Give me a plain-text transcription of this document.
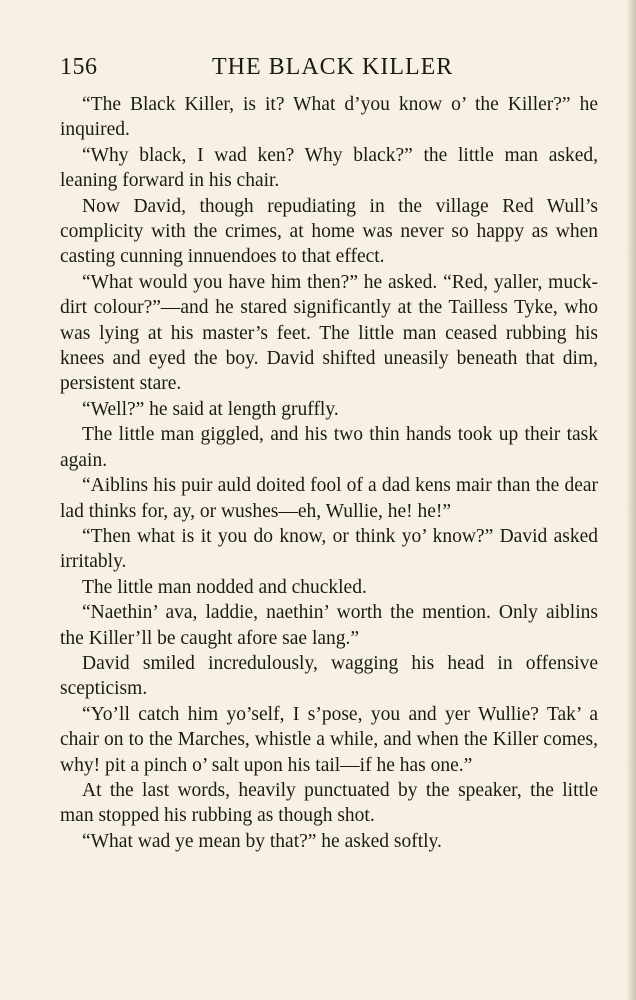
156	THE BLACK KILLER

“The Black Killer, is it? What d’you know o’ the Killer?” he inquired.

“Why black, I wad ken? Why black?” the little man asked, leaning forward in his chair.

Now David, though repudiating in the village Red Wull’s complicity with the crimes, at home was never so happy as when casting cunning innuendoes to that effect.

“What would you have him then?” he asked. “Red, yaller, muck-dirt colour?”—and he stared significantly at the Tailless Tyke, who was lying at his master’s feet. The little man ceased rubbing his knees and eyed the boy. David shifted uneasily beneath that dim, persistent stare.

“Well?” he said at length gruffly.

The little man giggled, and his two thin hands took up their task again.

“Aiblins his puir auld doited fool of a dad kens mair than the dear lad thinks for, ay, or wushes—eh, Wullie, he! he!”

“Then what is it you do know, or think yo’ know?” David asked irritably.

The little man nodded and chuckled.

“Naethin’ ava, laddie, naethin’ worth the mention. Only aiblins the Killer’ll be caught afore sae lang.”

David smiled incredulously, wagging his head in offensive scepticism.

“Yo’ll catch him yo’self, I s’pose, you and yer Wullie? Tak’ a chair on to the Marches, whistle a while, and when the Killer comes, why! pit a pinch o’ salt upon his tail—if he has one.”

At the last words, heavily punctuated by the speaker, the little man stopped his rubbing as though shot.

“What wad ye mean by that?” he asked softly.
